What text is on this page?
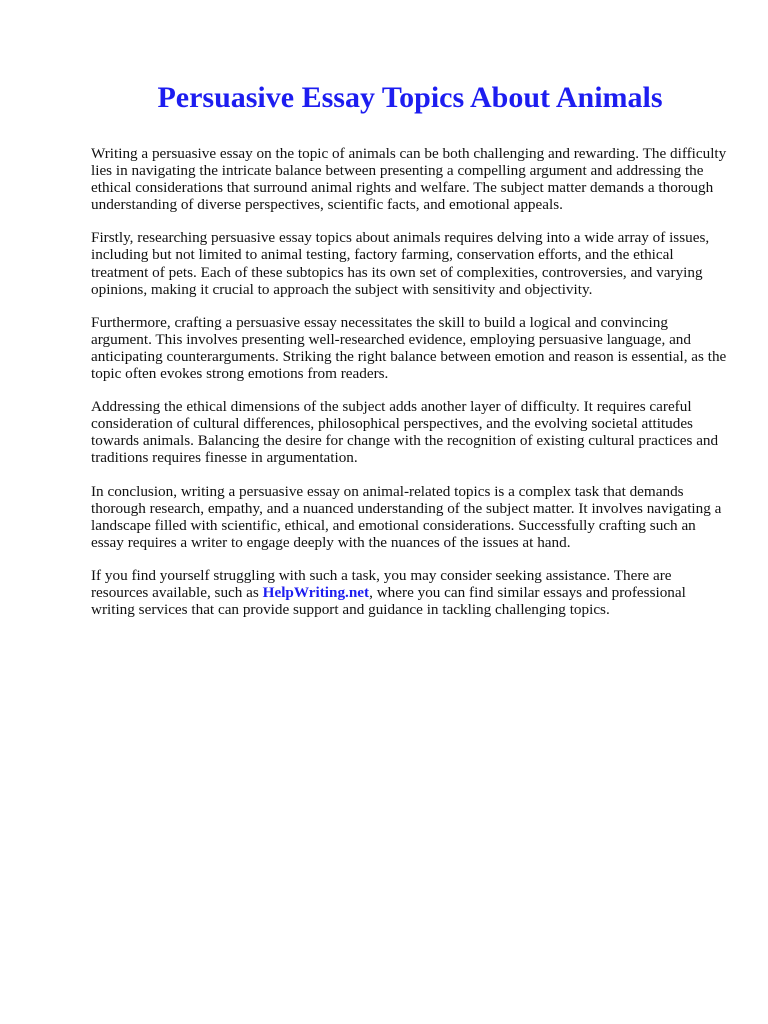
Persuasive Essay Topics About Animals

Writing a persuasive essay on the topic of animals can be both challenging and rewarding. The difficulty lies in navigating the intricate balance between presenting a compelling argument and addressing the ethical considerations that surround animal rights and welfare. The subject matter demands a thorough understanding of diverse perspectives, scientific facts, and emotional appeals.

Firstly, researching persuasive essay topics about animals requires delving into a wide array of issues, including but not limited to animal testing, factory farming, conservation efforts, and the ethical treatment of pets. Each of these subtopics has its own set of complexities, controversies, and varying opinions, making it crucial to approach the subject with sensitivity and objectivity.

Furthermore, crafting a persuasive essay necessitates the skill to build a logical and convincing argument. This involves presenting well-researched evidence, employing persuasive language, and anticipating counterarguments. Striking the right balance between emotion and reason is essential, as the topic often evokes strong emotions from readers.

Addressing the ethical dimensions of the subject adds another layer of difficulty. It requires careful consideration of cultural differences, philosophical perspectives, and the evolving societal attitudes towards animals. Balancing the desire for change with the recognition of existing cultural practices and traditions requires finesse in argumentation.

In conclusion, writing a persuasive essay on animal-related topics is a complex task that demands thorough research, empathy, and a nuanced understanding of the subject matter. It involves navigating a landscape filled with scientific, ethical, and emotional considerations. Successfully crafting such an essay requires a writer to engage deeply with the nuances of the issues at hand.

If you find yourself struggling with such a task, you may consider seeking assistance. There are resources available, such as HelpWriting.net, where you can find similar essays and professional writing services that can provide support and guidance in tackling challenging topics.
